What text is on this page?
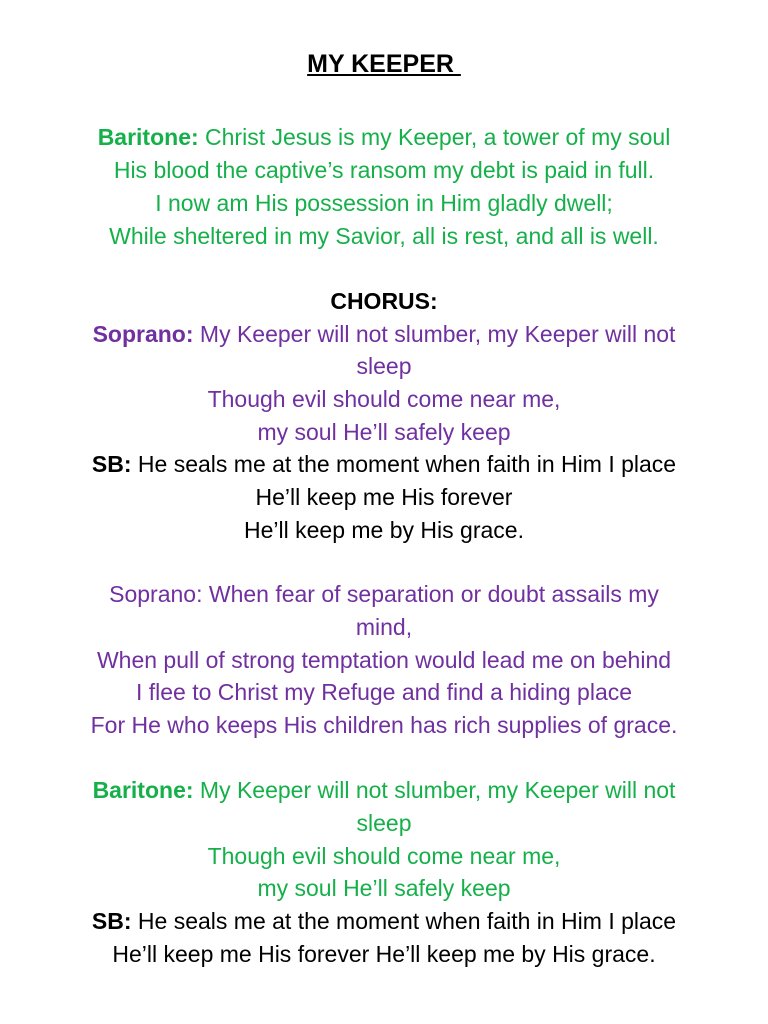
MY KEEPER
Baritone: Christ Jesus is my Keeper, a tower of my soul
His blood the captive’s ransom my debt is paid in full.
I now am His possession in Him gladly dwell;
While sheltered in my Savior, all is rest, and all is well.
CHORUS:
Soprano: My Keeper will not slumber, my Keeper will not
sleep
Though evil should come near me,
my soul He’ll safely keep
SB: He seals me at the moment when faith in Him I place
He’ll keep me His forever
He’ll keep me by His grace.
Soprano: When fear of separation or doubt assails my
mind,
When pull of strong temptation would lead me on behind
I flee to Christ my Refuge and find a hiding place
For He who keeps His children has rich supplies of grace.
Baritone: My Keeper will not slumber, my Keeper will not
sleep
Though evil should come near me,
my soul He’ll safely keep
SB: He seals me at the moment when faith in Him I place
He’ll keep me His forever He’ll keep me by His grace.
